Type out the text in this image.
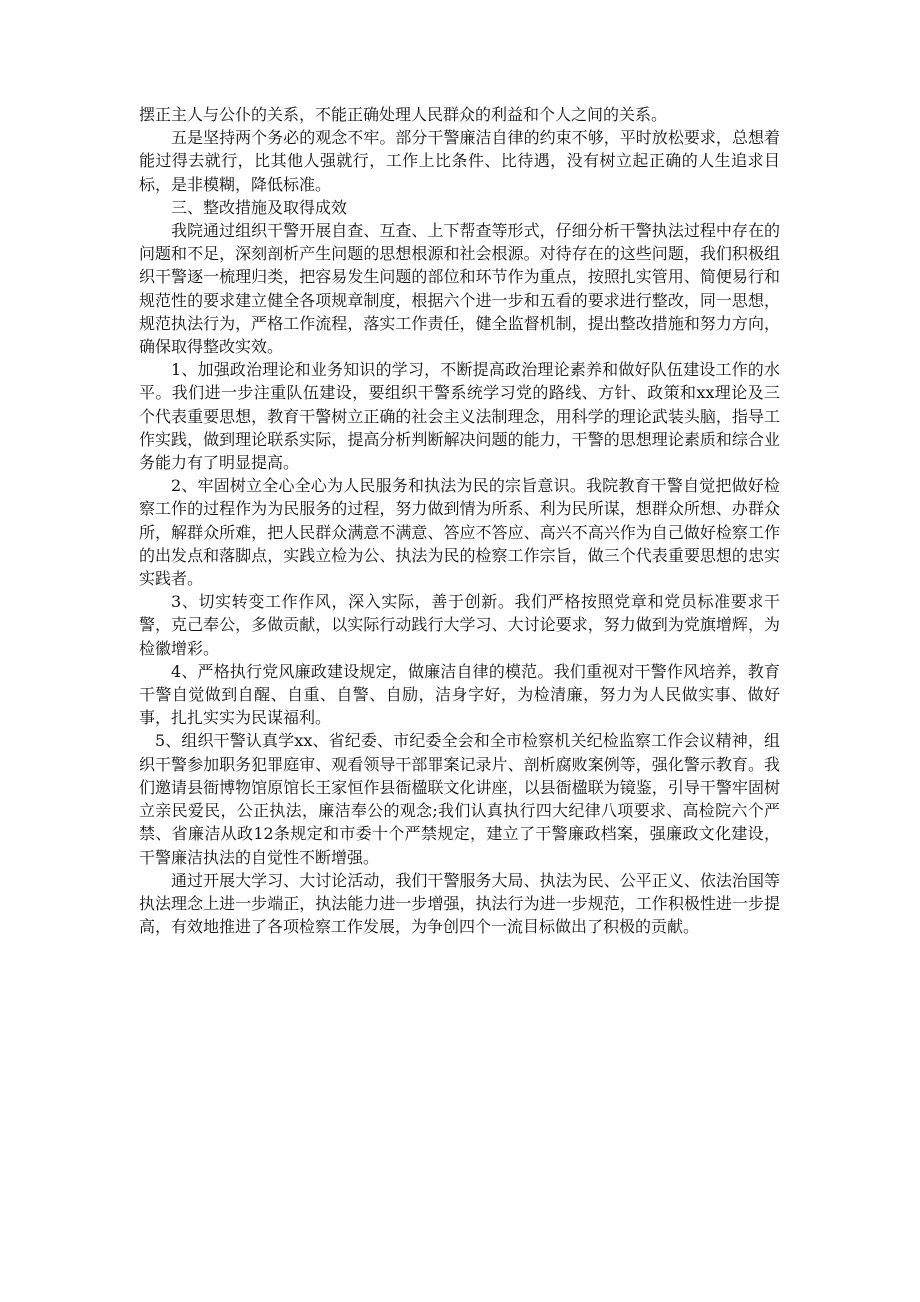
摆正主人与公仆的关系，不能正确处理人民群众的利益和个人之间的关系。

五是坚持两个务必的观念不牢。部分干警廉洁自律的约束不够，平时放松要求，总想着能过得去就行，比其他人强就行，工作上比条件、比待遇，没有树立起正确的人生追求目标，是非模糊，降低标准。

三、整改措施及取得成效

我院通过组织干警开展自查、互查、上下帮查等形式，仔细分析干警执法过程中存在的问题和不足，深刻剖析产生问题的思想根源和社会根源。对待存在的这些问题，我们积极组织干警逐一梳理归类，把容易发生问题的部位和环节作为重点，按照扎实管用、简便易行和规范性的要求建立健全各项规章制度，根据六个进一步和五看的要求进行整改，同一思想，规范执法行为，严格工作流程，落实工作责任，健全监督机制，提出整改措施和努力方向，确保取得整改实效。

1、加强政治理论和业务知识的学习，不断提高政治理论素养和做好队伍建设工作的水平。我们进一步注重队伍建设，要组织干警系统学习党的路线、方针、政策和xx理论及三个代表重要思想，教育干警树立正确的社会主义法制理念，用科学的理论武装头脑，指导工作实践，做到理论联系实际，提高分析判断解决问题的能力，干警的思想理论素质和综合业务能力有了明显提高。

2、牢固树立全心全心为人民服务和执法为民的宗旨意识。我院教育干警自觉把做好检察工作的过程作为为民服务的过程，努力做到情为所系、利为民所谋，想群众所想、办群众所，解群众所难，把人民群众满意不满意、答应不答应、高兴不高兴作为自己做好检察工作的出发点和落脚点，实践立检为公、执法为民的检察工作宗旨，做三个代表重要思想的忠实实践者。

3、切实转变工作作风，深入实际，善于创新。我们严格按照党章和党员标准要求干警，克己奉公，多做贡献，以实际行动践行大学习、大讨论要求，努力做到为党旗增辉，为检徽增彩。

4、严格执行党风廉政建设规定，做廉洁自律的模范。我们重视对干警作风培养，教育干警自觉做到自醒、自重、自警、自励，洁身字好，为检清廉，努力为人民做实事、做好事，扎扎实实为民谋福利。

5、组织干警认真学xx、省纪委、市纪委全会和全市检察机关纪检监察工作会议精神，组织干警参加职务犯罪庭审、观看领导干部罪案记录片、剖析腐败案例等，强化警示教育。我们邀请县衙博物馆原馆长王家恒作县衙楹联文化讲座，以县衙楹联为镜鉴，引导干警牢固树立亲民爱民，公正执法，廉洁奉公的观念;我们认真执行四大纪律八项要求、高检院六个严禁、省廉洁从政12条规定和市委十个严禁规定，建立了干警廉政档案，强廉政文化建设，干警廉洁执法的自觉性不断增强。

通过开展大学习、大讨论活动，我们干警服务大局、执法为民、公平正义、依法治国等执法理念上进一步端正，执法能力进一步增强，执法行为进一步规范，工作积极性进一步提高，有效地推进了各项检察工作发展，为争创四个一流目标做出了积极的贡献。
